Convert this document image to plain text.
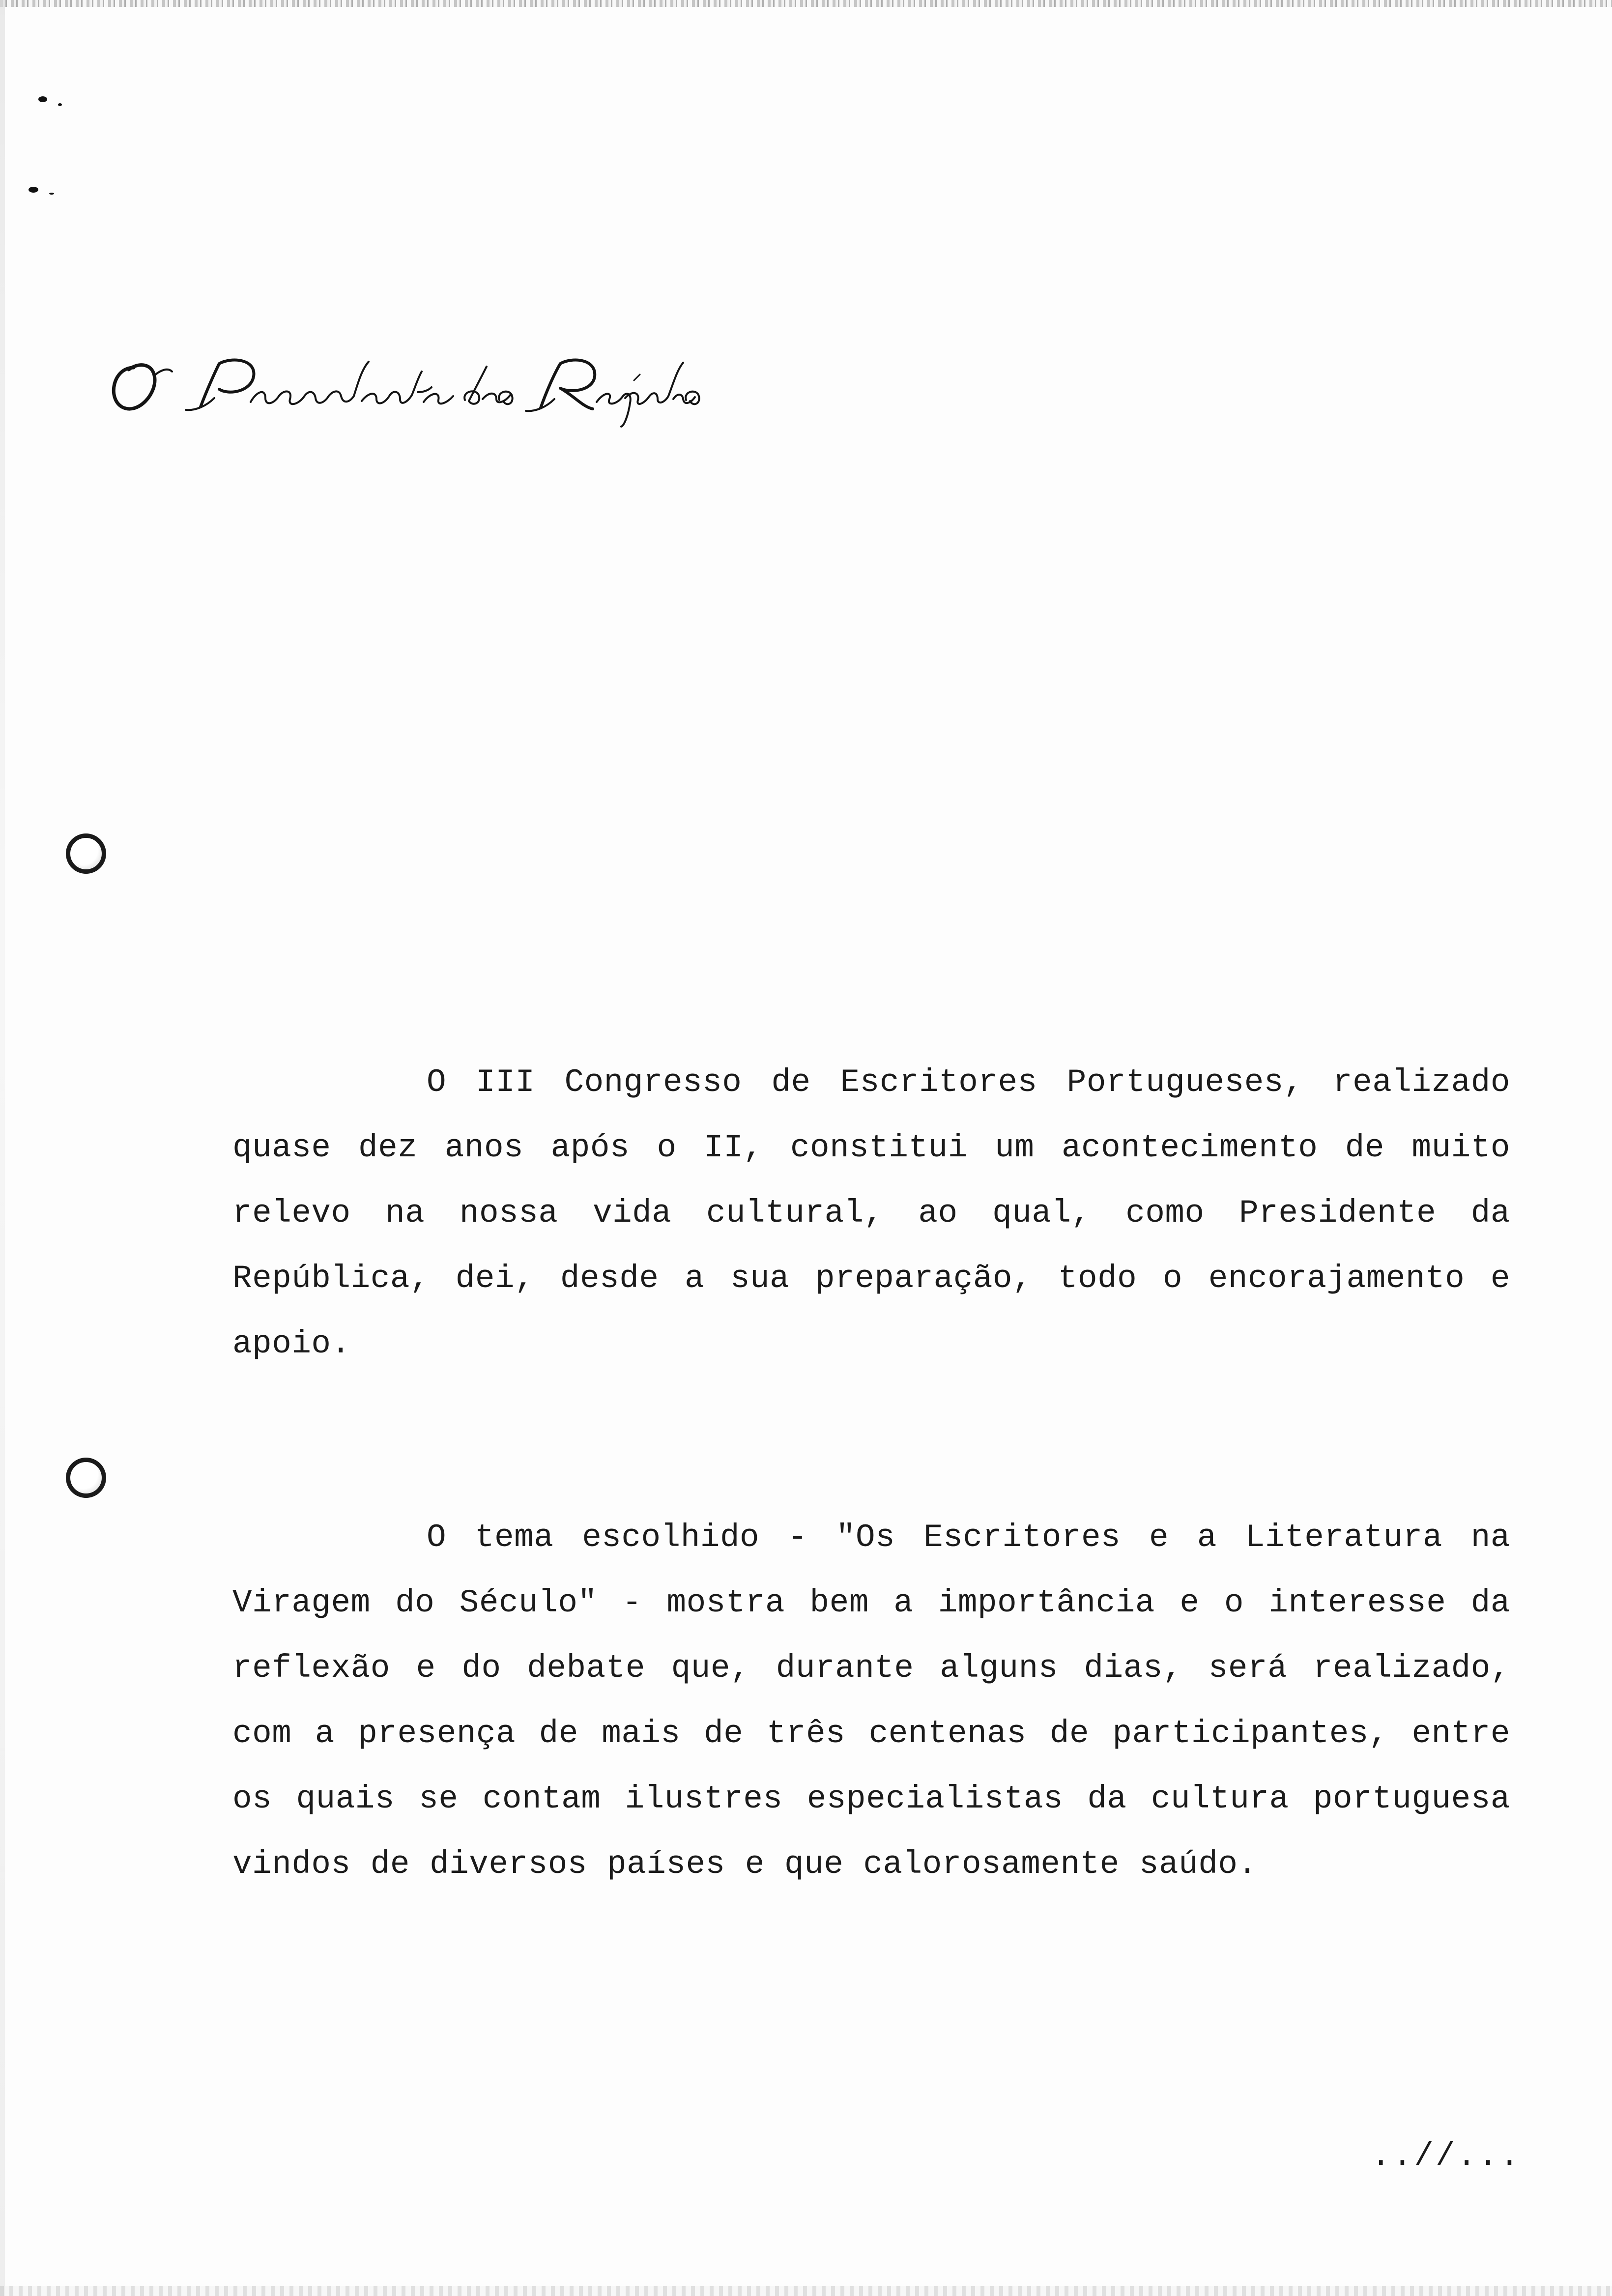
O III Congresso de Escritores Portugueses, realizado quase dez anos após o II, constitui um acontecimento de muito relevo na nossa vida cultural, ao qual, como Presidente da República, dei, desde a sua preparação, todo o encorajamento e apoio.

O tema escolhido - "Os Escritores e a Literatura na Viragem do Século" - mostra bem a importância e o interesse da reflexão e do debate que, durante alguns dias, será realizado, com a presença de mais de três centenas de participantes, entre os quais se contam ilustres especialistas da cultura portuguesa vindos de diversos países e que calorosamente saúdo.

..//...
